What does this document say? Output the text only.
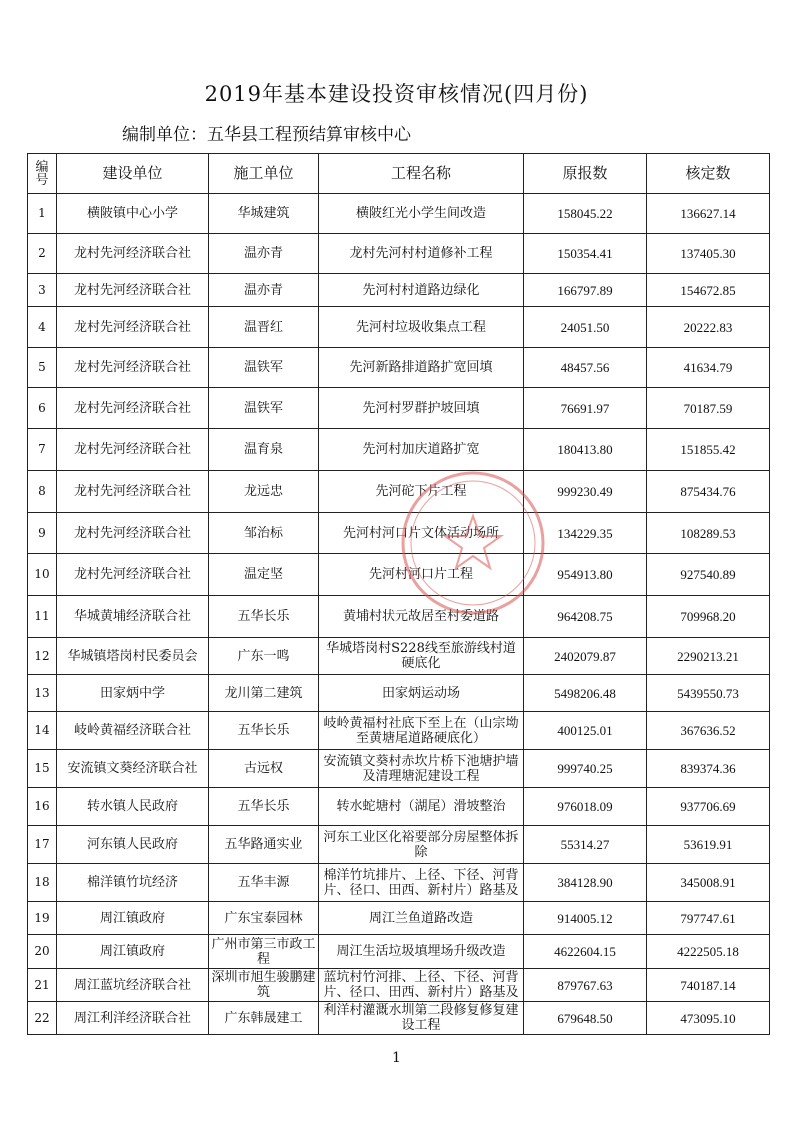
2019年基本建设投资审核情况(四月份)
编制单位：五华县工程预结算审核中心
编号	建设单位	施工单位	工程名称	原报数	核定数

1	横陂镇中心小学	华城建筑	横陂红光小学生间改造	158045.22	136627.14

2	龙村先河经济联合社	温亦青	龙村先河村村道修补工程	150354.41	137405.30

3	龙村先河经济联合社	温亦青	先河村村道路边绿化	166797.89	154672.85

4	龙村先河经济联合社	温晋红	先河村垃圾收集点工程	24051.50	20222.83

5	龙村先河经济联合社	温铁军	先河新路排道路扩宽回填	48457.56	41634.79

6	龙村先河经济联合社	温铁军	先河村罗群护坡回填	76691.97	70187.59

7	龙村先河经济联合社	温育泉	先河村加庆道路扩宽	180413.80	151855.42

8	龙村先河经济联合社	龙远忠	先河砣下片工程	999230.49	875434.76

9	龙村先河经济联合社	邹治标	先河村河口片文体活动场所	134229.35	108289.53

10	龙村先河经济联合社	温定坚	先河村河口片工程	954913.80	927540.89

11	华城黄埔经济联合社	五华长乐	黄埔村状元故居至村委道路	964208.75	709968.20

12	华城镇塔岗村民委员会	广东一鸣	华城塔岗村S228线至旅游线村道硬底化	2402079.87	2290213.21

13	田家炳中学	龙川第二建筑	田家炳运动场	5498206.48	5439550.73

14	岐岭黄福经济联合社	五华长乐	岐岭黄福村社底下至上在（山宗坳至黄塘尾道路硬底化）	400125.01	367636.52

15	安流镇文葵经济联合社	古远权	安流镇文葵村赤坎片桥下池塘护墙及清理塘泥建设工程	999740.25	839374.36

16	转水镇人民政府	五华长乐	转水蛇塘村（湖尾）滑坡整治	976018.09	937706.69

17	河东镇人民政府	五华路通实业	河东工业区化裕要部分房屋整体拆除	55314.27	53619.91

18	棉洋镇竹坑经济	五华丰源	棉洋竹坑排片、上径、下径、河背片、径口、田西、新村片）路基及	384128.90	345008.91

19	周江镇政府	广东宝泰园林	周江兰鱼道路改造	914005.12	797747.61

20	周江镇政府	广州市第三市政工程	周江生活垃圾填埋场升级改造	4622604.15	4222505.18

21	周江蓝坑经济联合社	深圳市旭生骏鹏建筑	蓝坑村竹河排、上径、下径、河背片、径口、田西、新村片）路基及	879767.63	740187.14

22	周江利洋经济联合社	广东韩晟建工	利洋村灌溉水圳第二段修复修复建设工程	679648.50	473095.10
1
